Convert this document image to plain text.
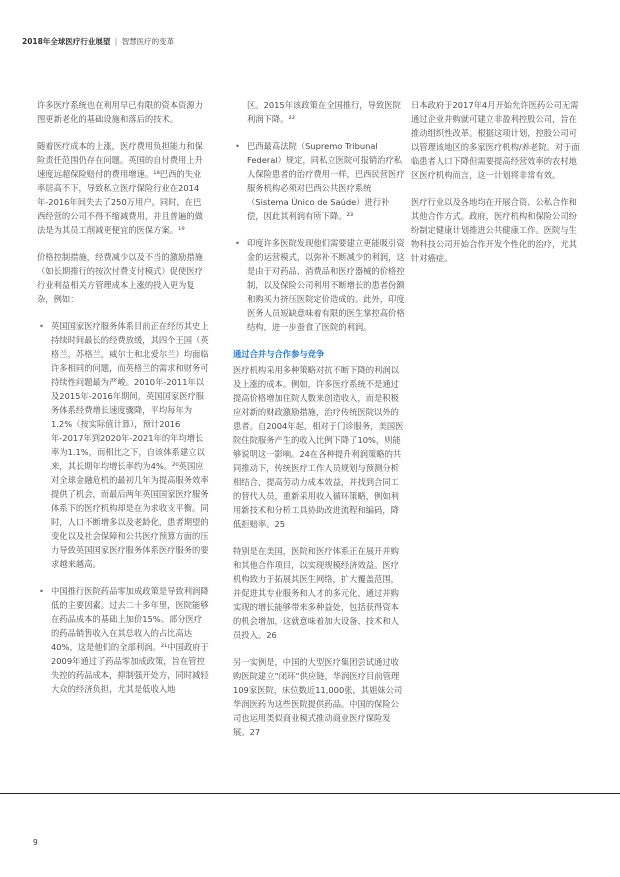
2018年全球医疗行业展望 | 智慧医疗的变革

许多医疗系统也在利用早已有限的资本资源力图更新老化的基础设施和落后的技术。

随着医疗成本的上涨，医疗费用负担能力和保险责任范围仍存在问题。英国的自付费用上升速度远超保险赔付的费用增速。¹⁸巴西的失业率居高不下，导致私立医疗保险行业在2014年-2016年间失去了250万用户。同时，在巴西经营的公司不得不缩减费用，并且普遍的做法是为其员工削减更便宜的医保方案。¹⁹

价格控制措施，经费减少以及不当的激励措施（如长期推行的按次付费支付模式）促使医疗行业利益相关方管理成本上涨的投入更为复杂，例如：

• 英国国家医疗服务体系目前正在经历其史上持续时间最长的经费放缓，其四个王国（英格兰，苏格兰，威尔士和北爱尔兰）均面临许多相同的问题，而英格兰的需求和财务可持续性问题最为严峻。2010年-2011年以及2015年-2016年期间，英国国家医疗服务体系经费增长速度骤降，平均每年为1.2%（按实际值计算），预计2016年-2017年到2020年-2021年的年均增长率为1.1%，而相比之下，自该体系建立以来，其长期年均增长率约为4%。²⁰英国应对全球金融危机的最初几年为提高服务效率提供了机会，而最后两年英国国家医疗服务体系下的医疗机构却是在为求收支平衡。同时，人口不断增多以及老龄化，患者期望的变化以及社会保障和公共医疗预算方面的压力导致英国国家医疗服务体系医疗服务的要求越来越高。
• 中国推行医院药品零加成政策是导致利润降低的主要因素。过去二十多年里，医院能够在药品成本的基础上加价15%。部分医疗的药品销售收入在其总收入的占比高达40%，这是他们的全部利润。²¹中国政府于2009年通过了药品零加成政策，旨在管控失控的药品成本，抑制强开处方，同时减轻大众的经济负担，尤其是低收入地

区。2015年该政策在全国推行，导致医院利润下降。²²

• 巴西最高法院（Supremo Tribunal Federal）规定，同私立医院可报销治疗私人保险患者的治疗费用一样，巴西民营医疗服务机构必须对巴西公共医疗系统（Sistema Único de Saúde）进行补偿，因此其利润有所下降。²³
• 印度许多医院发现他们需要建立更能吸引资金的运营模式，以弥补不断减少的利润，这是由于对药品、消费品和医疗器械的价格控制，以及保险公司利用不断增长的患者份额和购买力挤压医院定价造成的。此外，印度医务人员短缺意味着有限的医生掌控高价格结构，进一步蚕食了医院的利润。
通过合并与合作参与竞争

医疗机构采用多种策略对抗不断下降的利润以及上涨的成本。例如，许多医疗系统不是通过提高价格增加住院人数来创造收入，而是积极应对新的财政激励措施，治疗传统医院以外的患者。自2004年起，相对于门诊服务，美国医院住院服务产生的收入比例下降了10%，则能够说明这一影响。24在各种提升利润策略的共同推动下，传统医疗工作人员规划与预测分析相结合，提高劳动力成本效益，并找到合同工的替代人员，重新采用收入循环策略，例如利用新技术和分析工具协助改进流程和编码，降低拒赔率。25

特别是在美国，医院和医疗体系正在展开并购和其他合作项目，以实现规模经济效益。医疗机构致力于拓展其医生网络，扩大覆盖范围，并促进其专业服务和人才的多元化，通过并购实现的增长能够带来多种益处，包括获得资本的机会增加，这就意味着加大设备、技术和人员投入。26

另一实例是，中国的大型医疗集团尝试通过收购医院建立“闭环”供应链，华润医疗目前管理109家医院，床位数近11,000张，其姐妹公司华润医药为这些医院提供药品。中国的保险公司也运用类似商业模式推动商业医疗保险发展。27

日本政府于2017年4月开始允许医药公司无需通过企业并购就可建立非盈利控股公司，旨在推动组织性改革。根据这项计划，控股公司可以管理该地区的多家医疗机构/养老院。对于面临患者人口下降但需要提高经营效率的农村地区医疗机构而言，这一计划将非常有效。

医疗行业以及各地均在开展合资、公私合作和其他合作方式。政府，医疗机构和保险公司纷纷制定健康计划推进公共健康工作。医院与生物科技公司开始合作开发个性化的治疗，尤其针对癌症。

9
